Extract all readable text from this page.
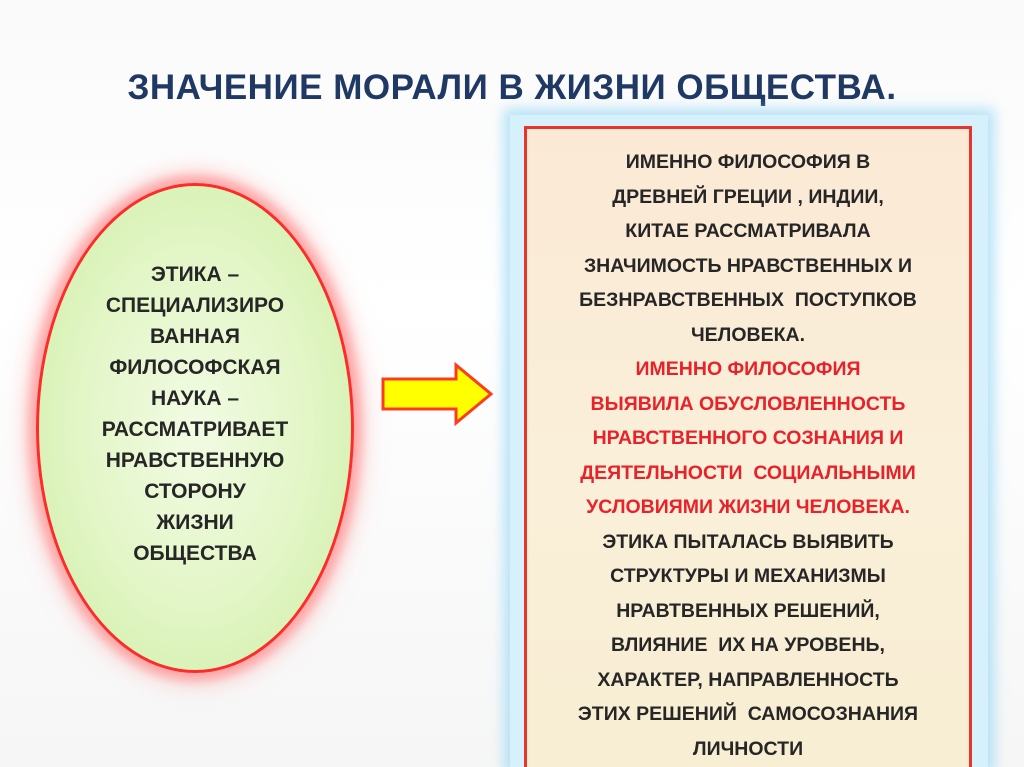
ЗНАЧЕНИЕ МОРАЛИ В ЖИЗНИ ОБЩЕСТВА.
ЭТИКА –
СПЕЦИАЛИЗИРО
ВАННАЯ
ФИЛОСОФСКАЯ
НАУКА –
РАССМАТРИВАЕТ
НРАВСТВЕННУЮ
СТОРОНУ
ЖИЗНИ
ОБЩЕСТВА
ИМЕННО ФИЛОСОФИЯ В
ДРЕВНЕЙ ГРЕЦИИ , ИНДИИ,
КИТАЕ РАССМАТРИВАЛА
ЗНАЧИМОСТЬ НРАВСТВЕННЫХ И
БЕЗНРАВСТВЕННЫХ  ПОСТУПКОВ
ЧЕЛОВЕКА.
ИМЕННО ФИЛОСОФИЯ
ВЫЯВИЛА ОБУСЛОВЛЕННОСТЬ
НРАВСТВЕННОГО СОЗНАНИЯ И
ДЕЯТЕЛЬНОСТИ  СОЦИАЛЬНЫМИ
УСЛОВИЯМИ ЖИЗНИ ЧЕЛОВЕКА.
ЭТИКА ПЫТАЛАСЬ ВЫЯВИТЬ
СТРУКТУРЫ И МЕХАНИЗМЫ
НРАВТВЕННЫХ РЕШЕНИЙ,
ВЛИЯНИЕ  ИХ НА УРОВЕНЬ,
ХАРАКТЕР, НАПРАВЛЕННОСТЬ
ЭТИХ РЕШЕНИЙ  САМОСОЗНАНИЯ
ЛИЧНОСТИ
